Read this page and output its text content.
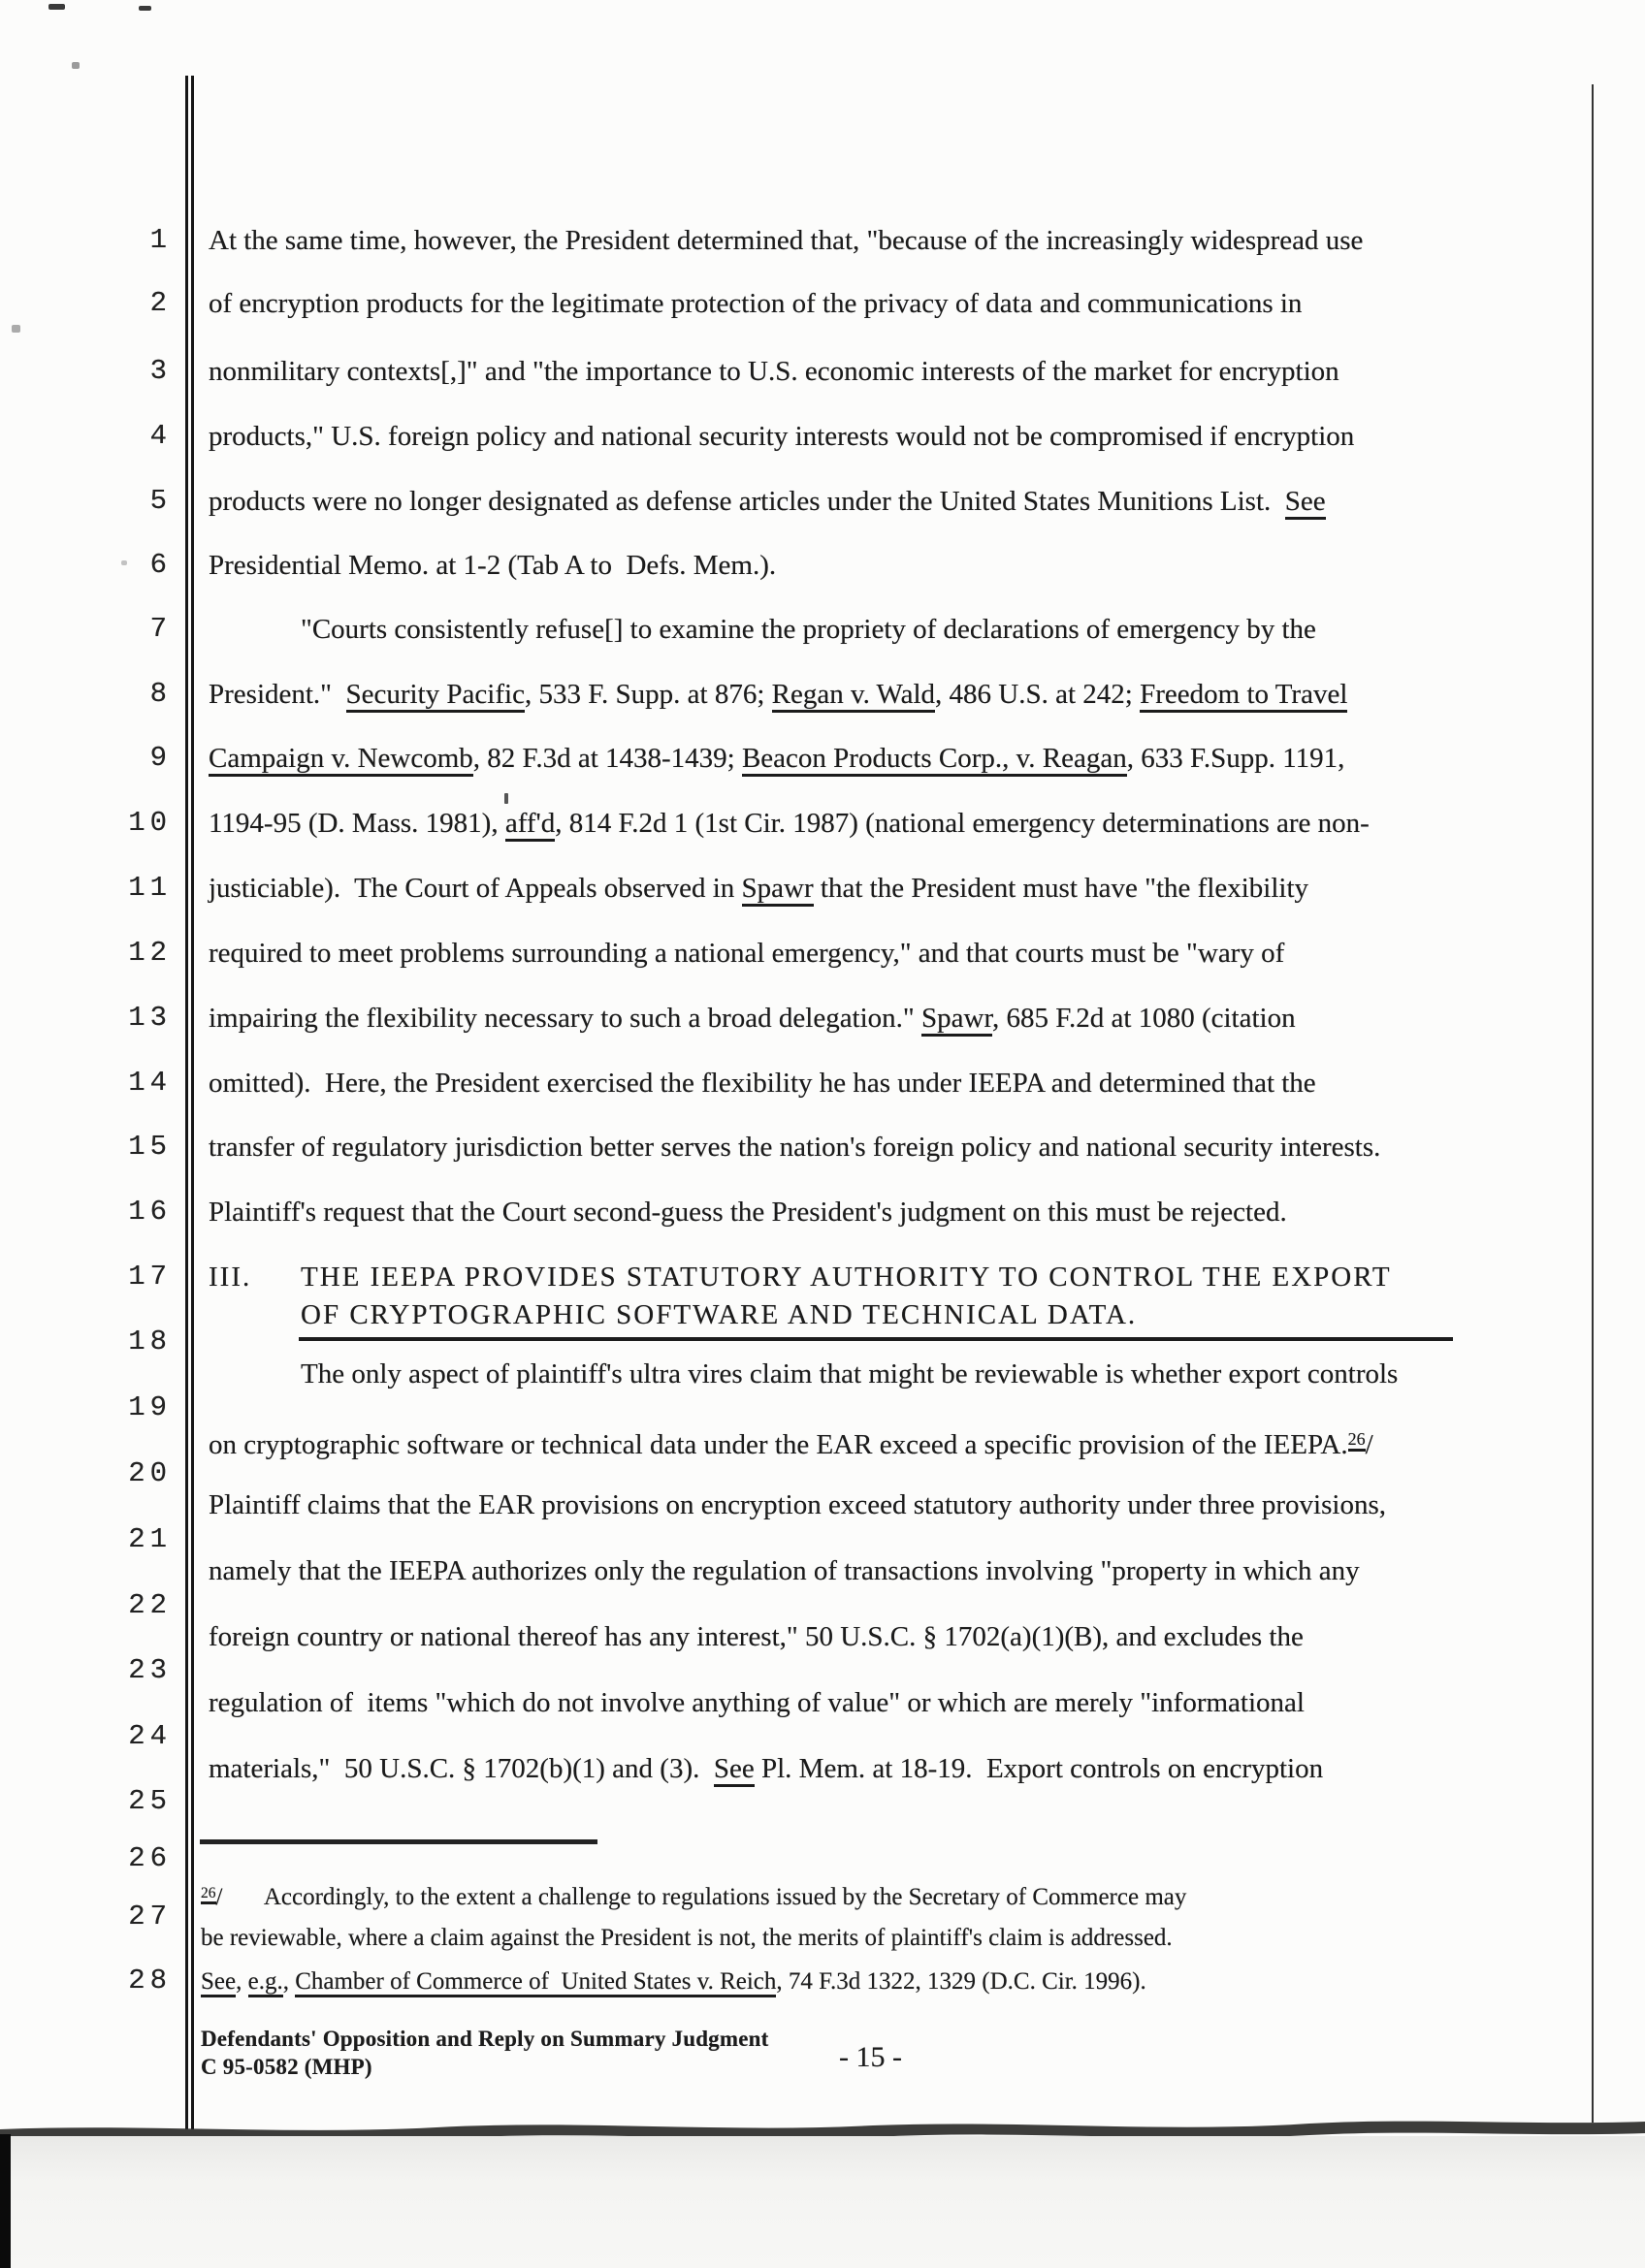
1
2
3
4
5
6
7
8
9
10
11
12
13
14
15
16
17
18
19
20
21
22
23
24
25
26
27
28
At the same time, however, the President determined that, "because of the increasingly widespread use
of encryption products for the legitimate protection of the privacy of data and communications in
nonmilitary contexts[,]" and "the importance to U.S. economic interests of the market for encryption
products," U.S. foreign policy and national security interests would not be compromised if encryption
products were no longer designated as defense articles under the United States Munitions List.  See
Presidential Memo. at 1-2 (Tab A to  Defs. Mem.).
"Courts consistently refuse[] to examine the propriety of declarations of emergency by the
President."  Security Pacific, 533 F. Supp. at 876; Regan v. Wald, 486 U.S. at 242; Freedom to Travel
Campaign v. Newcomb, 82 F.3d at 1438-1439; Beacon Products Corp., v. Reagan, 633 F.Supp. 1191,
1194-95 (D. Mass. 1981), aff'd, 814 F.2d 1 (1st Cir. 1987) (national emergency determinations are non-
justiciable).  The Court of Appeals observed in Spawr that the President must have "the flexibility
required to meet problems surrounding a national emergency," and that courts must be "wary of
impairing the flexibility necessary to such a broad delegation." Spawr, 685 F.2d at 1080 (citation
omitted).  Here, the President exercised the flexibility he has under IEEPA and determined that the
transfer of regulatory jurisdiction better serves the nation's foreign policy and national security interests.
Plaintiff's request that the Court second-guess the President's judgment on this must be rejected.
III. THE IEEPA PROVIDES STATUTORY AUTHORITY TO CONTROL THE EXPORT
OF CRYPTOGRAPHIC SOFTWARE AND TECHNICAL DATA.
The only aspect of plaintiff's ultra vires claim that might be reviewable is whether export controls
on cryptographic software or technical data under the EAR exceed a specific provision of the IEEPA.$^{26}$/
Plaintiff claims that the EAR provisions on encryption exceed statutory authority under three provisions,
namely that the IEEPA authorizes only the regulation of transactions involving "property in which any
foreign country or national thereof has any interest," 50 U.S.C. § 1702(a)(1)(B), and excludes the
regulation of  items "which do not involve anything of value" or which are merely "informational
materials,"  50 U.S.C. § 1702(b)(1) and (3).  See Pl. Mem. at 18-19.  Export controls on encryption
$^{26}$/       Accordingly, to the extent a challenge to regulations issued by the Secretary of Commerce may
be reviewable, where a claim against the President is not, the merits of plaintiff's claim is addressed.
See, e.g., Chamber of Commerce of  United States v. Reich, 74 F.3d 1322, 1329 (D.C. Cir. 1996).
Defendants' Opposition and Reply on Summary Judgment
C 95-0582 (MHP)	- 15 -
